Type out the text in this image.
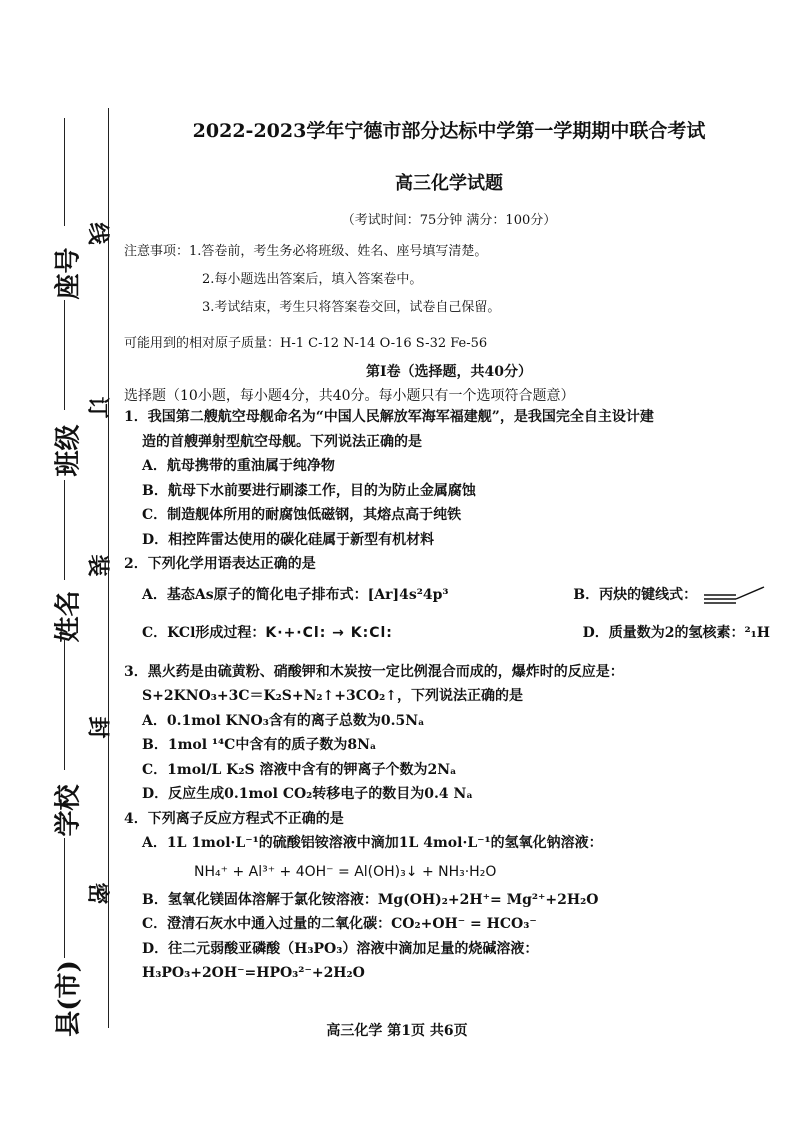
线
订
装
封
密
座号
班级
姓名
学校
县(市)
2022-2023学年宁德市部分达标中学第一学期期中联合考试
高三化学试题
（考试时间：75分钟 满分：100分）
注意事项：1.答卷前，考生务必将班级、姓名、座号填写清楚。
2.每小题选出答案后，填入答案卷中。
3.考试结束，考生只将答案卷交回，试卷自己保留。
可能用到的相对原子质量：H-1 C-12 N-14 O-16 S-32 Fe-56
第Ⅰ卷（选择题，共40分）
选择题（10小题，每小题4分，共40分。每小题只有一个选项符合题意）
1．我国第二艘航空母舰命名为“中国人民解放军海军福建舰”，是我国完全自主设计建
造的首艘弹射型航空母舰。下列说法正确的是
A．航母携带的重油属于纯净物
B．航母下水前要进行刷漆工作，目的为防止金属腐蚀
C．制造舰体所用的耐腐蚀低磁钢，其熔点高于纯铁
D．相控阵雷达使用的碳化硅属于新型有机材料
2．下列化学用语表达正确的是
A．基态As原子的简化电子排布式：[Ar]4s²4p³	B．丙炔的键线式：
C．KCl形成过程：K·+·Cl: → K:Cl:	D．质量数为2的氢核素：²₁H
3．黑火药是由硫黄粉、硝酸钾和木炭按一定比例混合而成的，爆炸时的反应是：
S+2KNO₃+3C＝K₂S+N₂↑+3CO₂↑，下列说法正确的是
A．0.1mol KNO₃含有的离子总数为0.5Nₐ
B．1mol ¹⁴C中含有的质子数为8Nₐ
C．1mol/L K₂S 溶液中含有的钾离子个数为2Nₐ
D．反应生成0.1mol CO₂转移电子的数目为0.4 Nₐ
4．下列离子反应方程式不正确的是
A．1L 1mol·L⁻¹的硫酸铝铵溶液中滴加1L 4mol·L⁻¹的氢氧化钠溶液：
NH₄⁺ + Al³⁺ + 4OH⁻ = Al(OH)₃↓ + NH₃·H₂O
B．氢氧化镁固体溶解于氯化铵溶液：Mg(OH)₂+2H⁺= Mg²⁺+2H₂O
C．澄清石灰水中通入过量的二氧化碳：CO₂+OH⁻ = HCO₃⁻
D．往二元弱酸亚磷酸（H₃PO₃）溶液中滴加足量的烧碱溶液：
H₃PO₃+2OH⁻=HPO₃²⁻+2H₂O
高三化学 第1页 共6页
